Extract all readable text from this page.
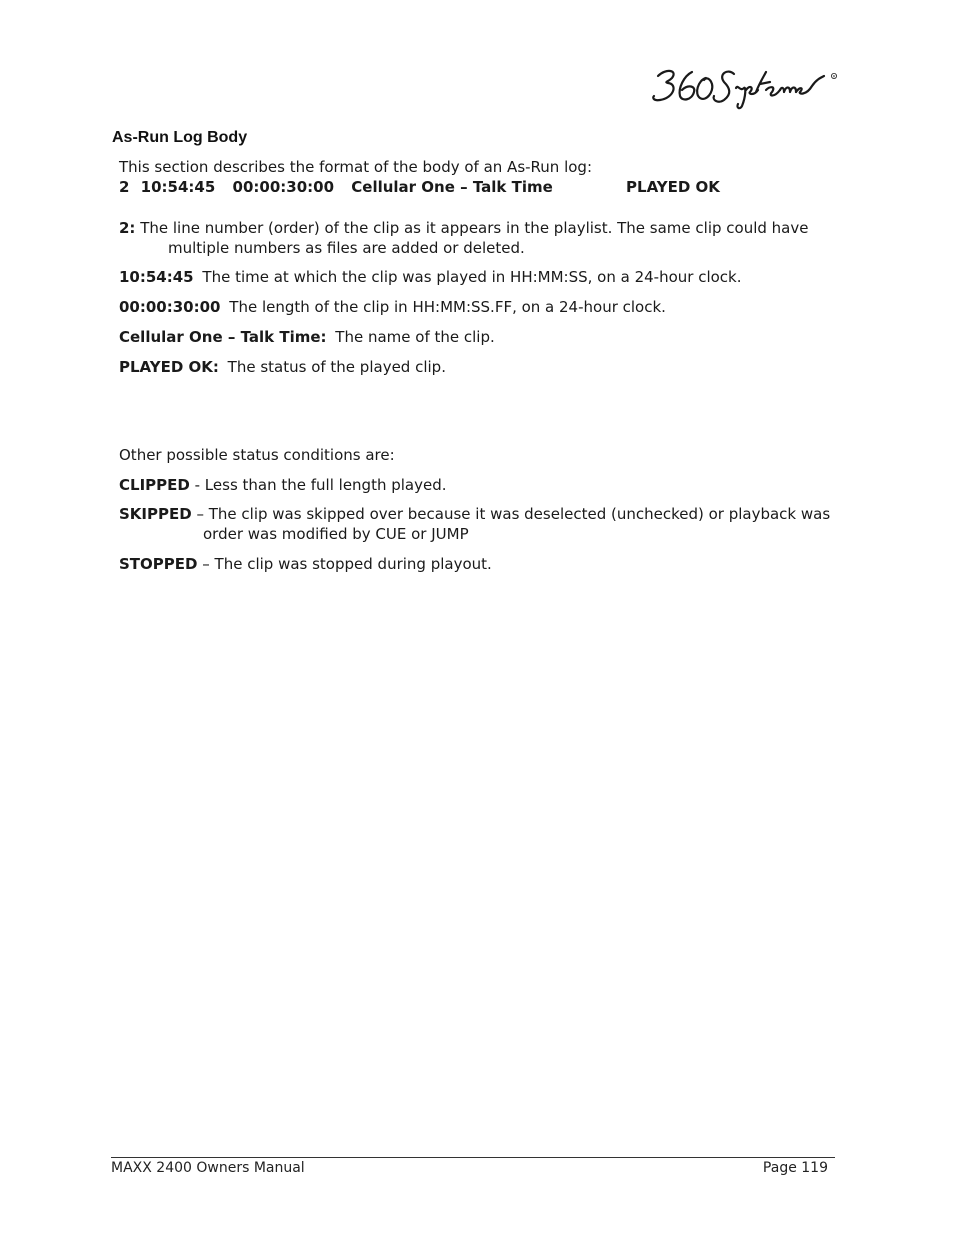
R
As-Run Log Body
This section describes the format of the body of an As-Run log:
2 10:54:45 00:00:30:00 Cellular One – Talk Time	PLAYED OK
2: The line number (order) of the clip as it appears in the playlist. The same clip could have
multiple numbers as files are added or deleted.
10:54:45 The time at which the clip was played in HH:MM:SS, on a 24-hour clock.
00:00:30:00 The length of the clip in HH:MM:SS.FF, on a 24-hour clock.
Cellular One – Talk Time: The name of the clip.
PLAYED OK: The status of the played clip.
Other possible status conditions are:
CLIPPED - Less than the full length played.
SKIPPED – The clip was skipped over because it was deselected (unchecked) or playback was
order was modified by CUE or JUMP
STOPPED – The clip was stopped during playout.
MAXX 2400 Owners Manual	Page 119
